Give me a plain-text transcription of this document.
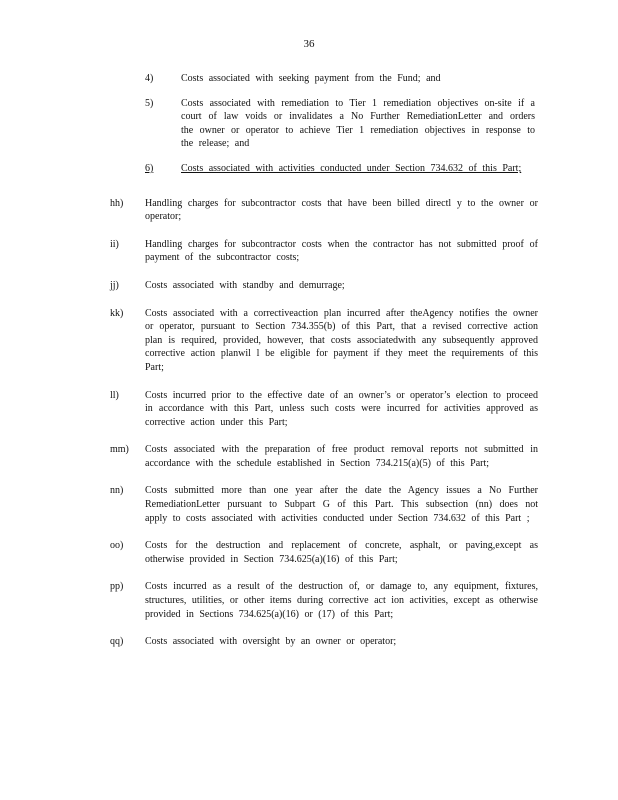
36
4)	Costs associated with seeking payment from the Fund; and
5)	Costs associated with remediation to Tier 1 remediation objectives on-site if a court of law voids or invalidates a No Further RemediationLetter and orders the owner or operator to achieve Tier 1 remediation objectives in response to the release; and
6)	Costs associated with activities conducted under Section 734.632 of this Part;
hh) Handling charges for subcontractor costs that have been billed directl y to the owner or operator;
ii)	Handling charges for subcontractor costs when the contractor has not submitted proof of payment of the subcontractor costs;
jj)	Costs associated with standby and demurrage;
kk) Costs associated with a correctiveaction plan incurred after theAgency notifies the owner or operator, pursuant to Section 734.355(b) of this Part, that a revised corrective action plan is required, provided, however, that costs associatedwith any subsequently approved corrective action planwil l be eligible for payment if they meet the requirements of this Part;
ll)	Costs incurred prior to the effective date of an owner’s or operator’s election to proceed in accordance with this Part, unless such costs were incurred for activities approved as corrective action under this Part;
mm) Costs associated with the preparation of free product removal reports not submitted in accordance with the schedule established in Section 734.215(a)(5) of this Part;
nn) Costs submitted more than one year after the date the Agency issues a No Further RemediationLetter pursuant to Subpart G of this Part. This subsection (nn) does not apply to costs associated with activities conducted under Section 734.632 of this Part ;
oo) Costs for the destruction and replacement of concrete, asphalt, or paving,except as otherwise provided in Section 734.625(a)(16) of this Part;
pp) Costs incurred as a result of the destruction of, or damage to, any equipment, fixtures, structures, utilities, or other items during corrective act ion activities, except as otherwise provided in Sections 734.625(a)(16) or (17) of this Part;
qq) Costs associated with oversight by an owner or operator;
